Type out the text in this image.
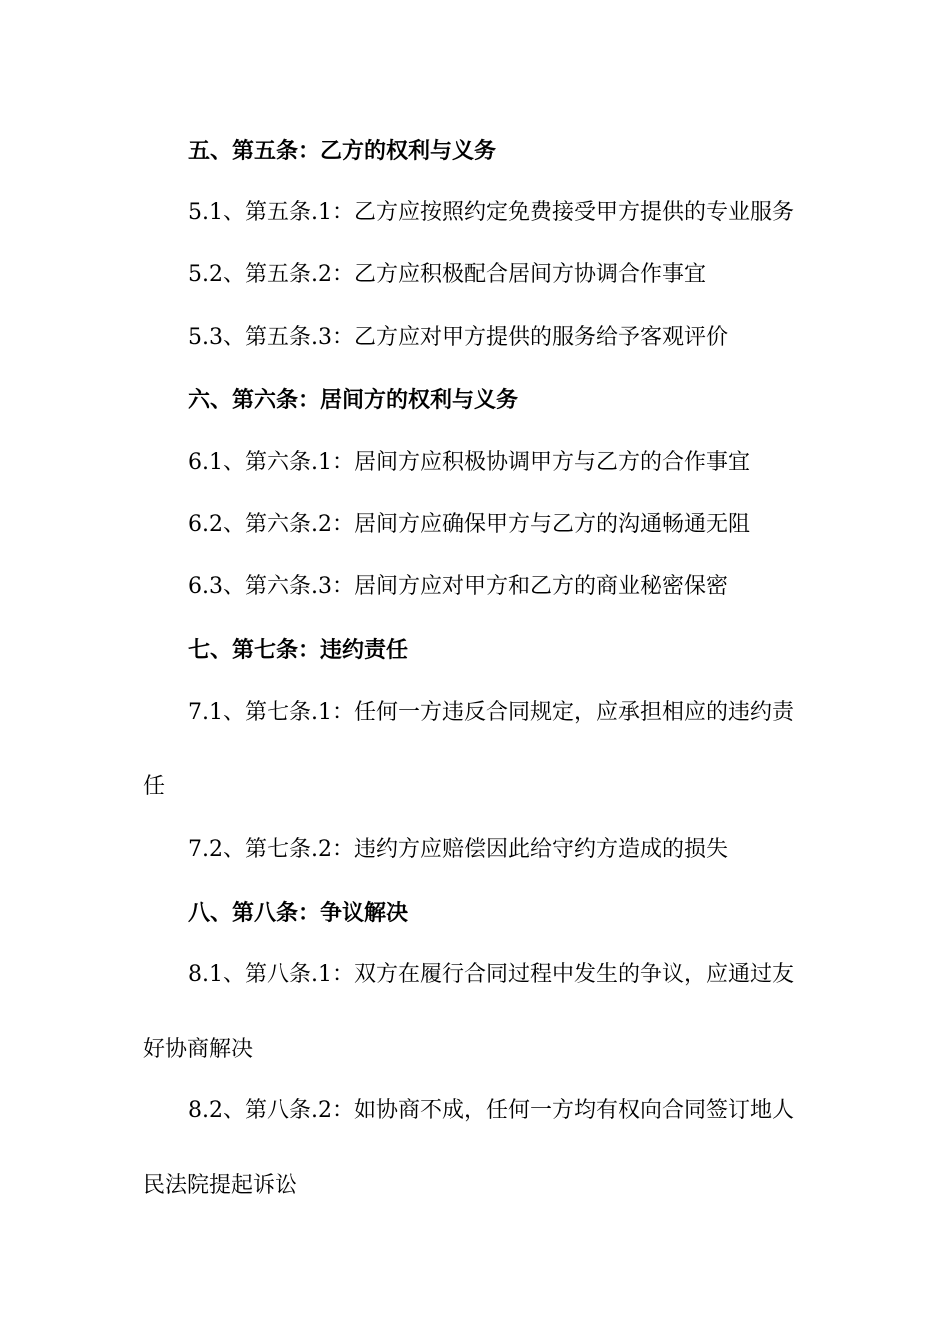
五、第五条：乙方的权利与义务
5.1、第五条.1：乙方应按照约定免费接受甲方提供的专业服务
5.2、第五条.2：乙方应积极配合居间方协调合作事宜
5.3、第五条.3：乙方应对甲方提供的服务给予客观评价
六、第六条：居间方的权利与义务
6.1、第六条.1：居间方应积极协调甲方与乙方的合作事宜
6.2、第六条.2：居间方应确保甲方与乙方的沟通畅通无阻
6.3、第六条.3：居间方应对甲方和乙方的商业秘密保密
七、第七条：违约责任
7.1、第七条.1：任何一方违反合同规定，应承担相应的违约责
任
7.2、第七条.2：违约方应赔偿因此给守约方造成的损失
八、第八条：争议解决
8.1、第八条.1：双方在履行合同过程中发生的争议，应通过友
好协商解决
8.2、第八条.2：如协商不成，任何一方均有权向合同签订地人
民法院提起诉讼
